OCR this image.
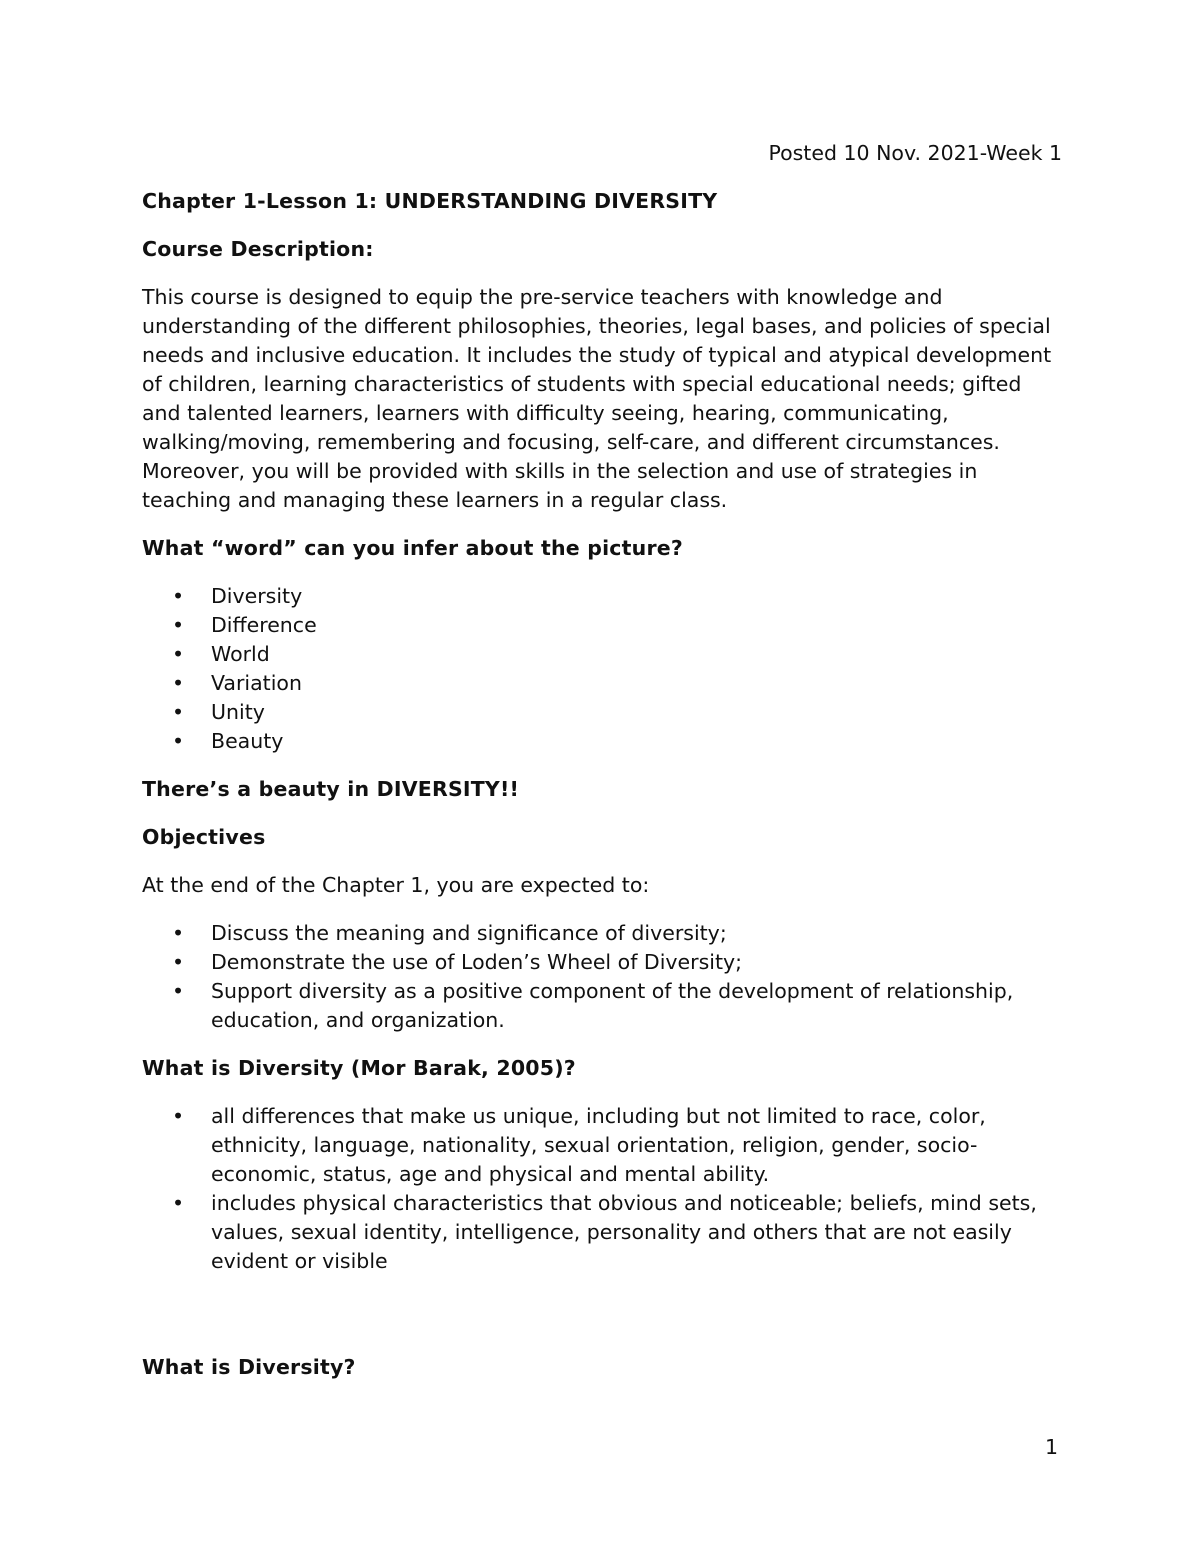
Posted 10 Nov. 2021-Week 1

Chapter 1-Lesson 1: UNDERSTANDING DIVERSITY
Course Description:

This course is designed to equip the pre-service teachers with knowledge and understanding of the different philosophies, theories, legal bases, and policies of special needs and inclusive education. It includes the study of typical and atypical development of children, learning characteristics of students with special educational needs; gifted and talented learners, learners with difficulty seeing, hearing, communicating, walking/moving, remembering and focusing, self-care, and different circumstances. Moreover, you will be provided with skills in the selection and use of strategies in teaching and managing these learners in a regular class.

What “word” can you infer about the picture?
• Diversity
• Difference
• World
• Variation
• Unity
• Beauty
There’s a beauty in DIVERSITY!!
Objectives

At the end of the Chapter 1, you are expected to:

• Discuss the meaning and significance of diversity;
• Demonstrate the use of Loden’s Wheel of Diversity;
• Support diversity as a positive component of the development of relationship, education, and organization.
What is Diversity (Mor Barak, 2005)?
• all differences that make us unique, including but not limited to race, color, ethnicity, language, nationality, sexual orientation, religion, gender, socio-economic, status, age and physical and mental ability.
• includes physical characteristics that obvious and noticeable; beliefs, mind sets, values, sexual identity, intelligence, personality and others that are not easily evident or visible
What is Diversity?
1
